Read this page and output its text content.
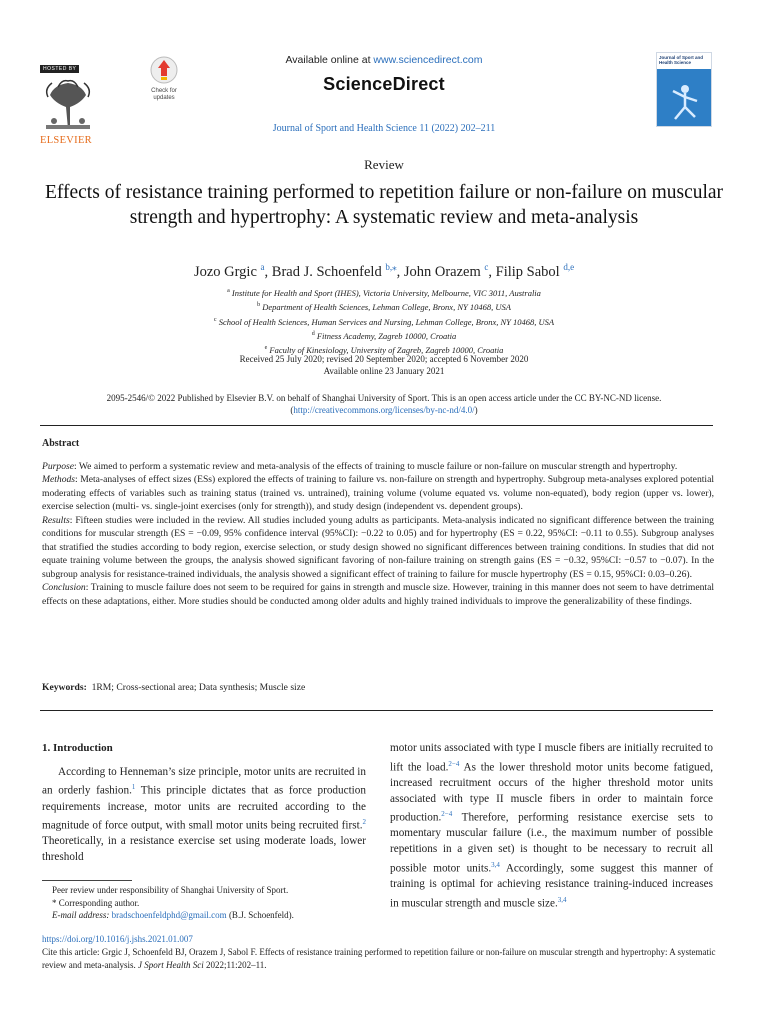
HOSTED BY
ELSEVIER
Check for
updates
Available online at www.sciencedirect.com
ScienceDirect
Journal of Sport and Health Science 11 (2022) 202–211
Journal of Sport and Health Science
Review
Effects of resistance training performed to repetition failure or non-failure on muscular strength and hypertrophy: A systematic review and meta-analysis
Jozo Grgic $^a$, Brad J. Schoenfeld $^{b,⁎}$, John Orazem $^c$, Filip Sabol $^{d,e}$
$^a$ Institute for Health and Sport (IHES), Victoria University, Melbourne, VIC 3011, Australia
$^b$ Department of Health Sciences, Lehman College, Bronx, NY 10468, USA
$^c$ School of Health Sciences, Human Services and Nursing, Lehman College, Bronx, NY 10468, USA
$^d$ Fitness Academy, Zagreb 10000, Croatia
$^e$ Faculty of Kinesiology, University of Zagreb, Zagreb 10000, Croatia
Received 25 July 2020; revised 20 September 2020; accepted 6 November 2020
Available online 23 January 2021
2095-2546/© 2022 Published by Elsevier B.V. on behalf of Shanghai University of Sport. This is an open access article under the CC BY-NC-ND license.
(http://creativecommons.org/licenses/by-nc-nd/4.0/)
Abstract

Purpose: We aimed to perform a systematic review and meta-analysis of the effects of training to muscle failure or non-failure on muscular strength and hypertrophy.

Methods: Meta-analyses of effect sizes (ESs) explored the effects of training to failure vs. non-failure on strength and hypertrophy. Subgroup meta-analyses explored potential moderating effects of variables such as training status (trained vs. untrained), training volume (volume equated vs. volume non-equated), body region (upper vs. lower), exercise selection (multi- vs. single-joint exercises (only for strength)), and study design (independent vs. dependent groups).

Results: Fifteen studies were included in the review. All studies included young adults as participants. Meta-analysis indicated no significant difference between the training conditions for muscular strength (ES = −0.09, 95% confidence interval (95%CI): −0.22 to 0.05) and for hypertrophy (ES = 0.22, 95%CI: −0.11 to 0.55). Subgroup analyses that stratified the studies according to body region, exercise selection, or study design showed no significant differences between training conditions. In studies that did not equate training volume between the groups, the analysis showed significant favoring of non-failure training on strength gains (ES = −0.32, 95%CI: −0.57 to −0.07). In the subgroup analysis for resistance-trained individuals, the analysis showed a significant effect of training to failure for muscle hypertrophy (ES = 0.15, 95%CI: 0.03–0.26).

Conclusion: Training to muscle failure does not seem to be required for gains in strength and muscle size. However, training in this manner does not seem to have detrimental effects on these adaptations, either. More studies should be conducted among older adults and highly trained individuals to improve the generalizability of these findings.

Keywords: 1RM; Cross-sectional area; Data synthesis; Muscle size
1. Introduction

According to Henneman’s size principle, motor units are recruited in an orderly fashion.$^1$ This principle dictates that as force production requirements increase, motor units are recruited according to the magnitude of force output, with small motor units being recruited first.$^2$ Theoretically, in a resistance exercise set using moderate loads, lower threshold

motor units associated with type I muscle fibers are initially recruited to lift the load.$^{2-4}$ As the lower threshold motor units become fatigued, increased recruitment occurs of the higher threshold motor units associated with type II muscle fibers in order to maintain force production.$^{2-4}$ Therefore, performing resistance exercise sets to momentary muscular failure (i.e., the maximum number of possible repetitions in a given set) is thought to be necessary to recruit all possible motor units.$^{3,4}$ Accordingly, some suggest this manner of training is optimal for achieving resistance training-induced increases in muscular strength and muscle size.$^{3,4}$

Peer review under responsibility of Shanghai University of Sport.
* Corresponding author.
E-mail address: bradschoenfeldphd@gmail.com (B.J. Schoenfeld).
https://doi.org/10.1016/j.jshs.2021.01.007
Cite this article: Grgic J, Schoenfeld BJ, Orazem J, Sabol F. Effects of resistance training performed to repetition failure or non-failure on muscular strength and hypertrophy: A systematic review and meta-analysis. J Sport Health Sci 2022;11:202–11.
